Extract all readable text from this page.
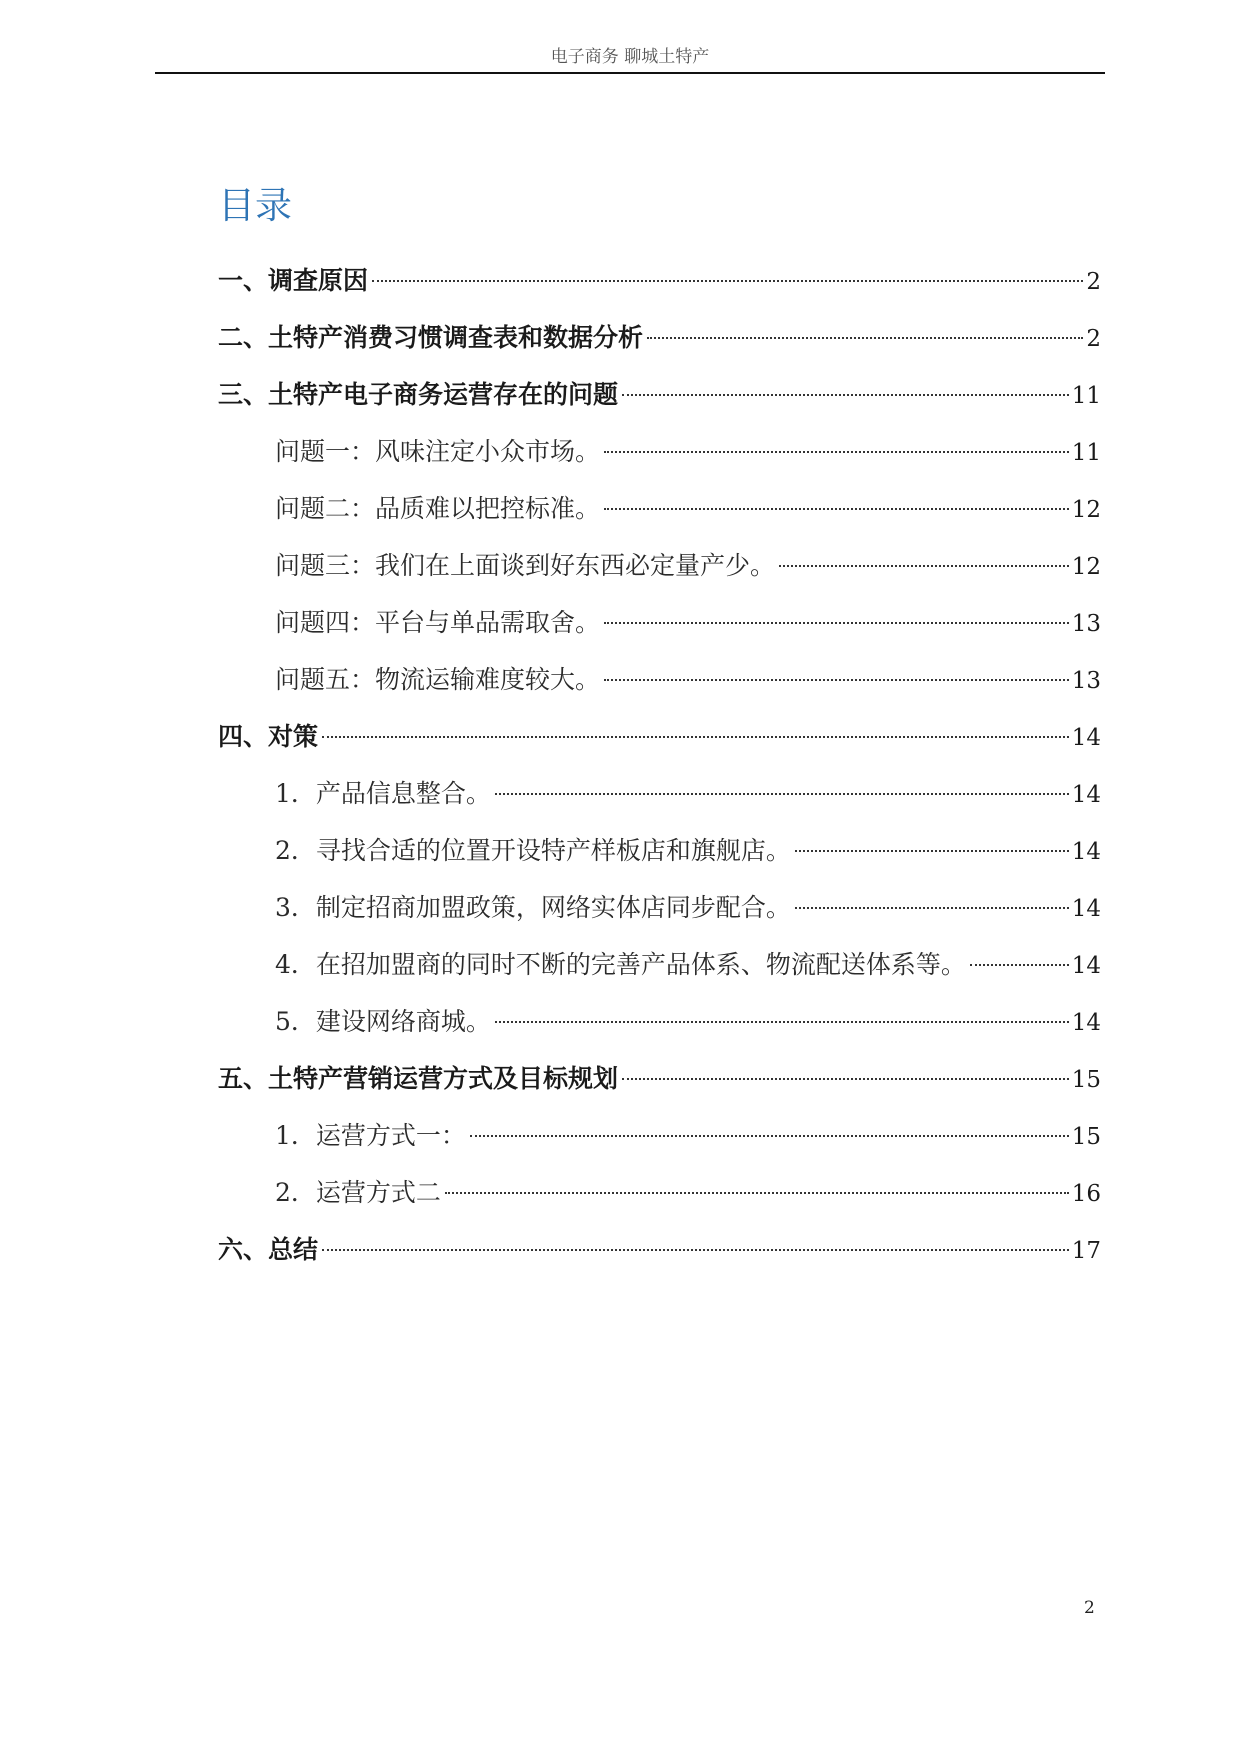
电子商务 聊城土特产
目录
一、调查原因	2
二、土特产消费习惯调查表和数据分析	2
三、土特产电子商务运营存在的问题	11
问题一：风味注定小众市场。	11
问题二：品质难以把控标准。	12
问题三：我们在上面谈到好东西必定量产少。	12
问题四：平台与单品需取舍。	13
问题五：物流运输难度较大。	13
四、对策	14
1．产品信息整合。	14
2．寻找合适的位置开设特产样板店和旗舰店。	14
3．制定招商加盟政策，网络实体店同步配合。	14
4．在招加盟商的同时不断的完善产品体系、物流配送体系等。	14
5．建设网络商城。	14
五、土特产营销运营方式及目标规划	15
1．运营方式一：	15
2．运营方式二	16
六、总结	17
2
